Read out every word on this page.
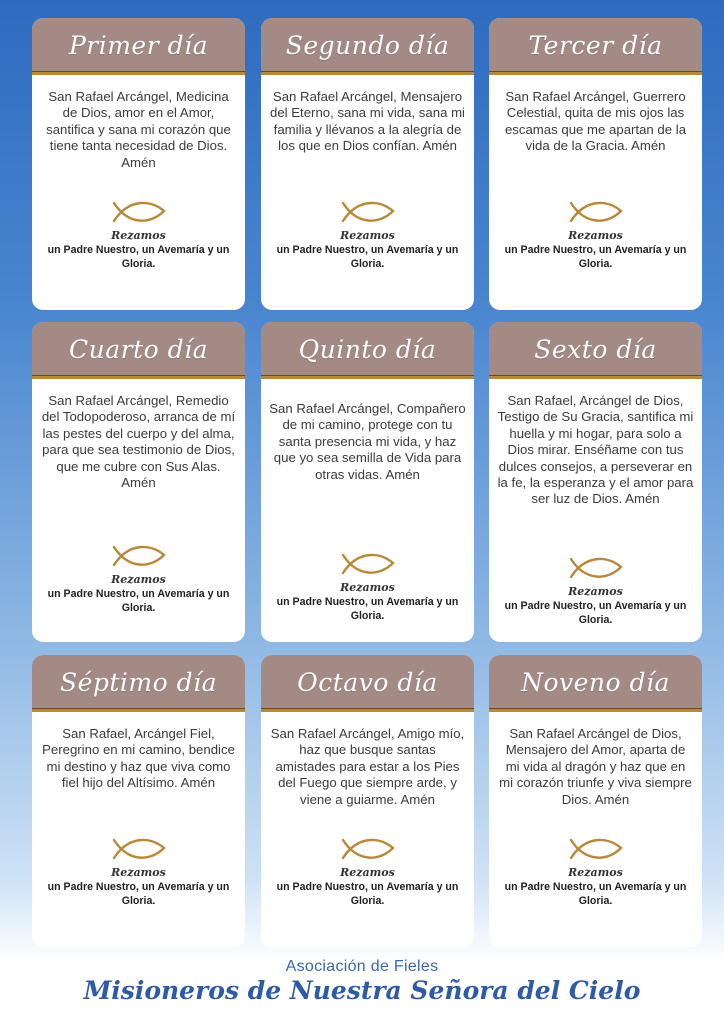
Primer día
San Rafael Arcángel, Medicina de Dios, amor en el Amor, santifica y sana mi corazón que tiene tanta necesidad de Dios. Amén
Rezamos
un Padre Nuestro, un Avemaría y un Gloria.
Segundo día
San Rafael Arcángel, Mensajero del Eterno, sana mi vida, sana mi familia y llévanos a la alegría de los que en Dios confían. Amén
Rezamos
un Padre Nuestro, un Avemaría y un Gloria.
Tercer día
San Rafael Arcángel, Guerrero Celestial, quita de mis ojos las escamas que me apartan de la vida de la Gracia. Amén
Rezamos
un Padre Nuestro, un Avemaría y un Gloria.
Cuarto día
San Rafael Arcángel, Remedio del Todopoderoso, arranca de mí las pestes del cuerpo y del alma, para que sea testimonio de Dios, que me cubre con Sus Alas. Amén
Rezamos
un Padre Nuestro, un Avemaría y un Gloria.
Quinto día
San Rafael Arcángel, Compañero de mi camino, protege con tu santa presencia mi vida, y haz que yo sea semilla de Vida para otras vidas. Amén
Rezamos
un Padre Nuestro, un Avemaría y un Gloria.
Sexto día
San Rafael, Arcángel de Dios, Testigo de Su Gracia, santifica mi huella y mi hogar, para solo a Dios mirar. Enséñame con tus dulces consejos, a perseverar en la fe, la esperanza y el amor para ser luz de Dios. Amén
Rezamos
un Padre Nuestro, un Avemaría y un Gloria.
Séptimo día
San Rafael, Arcángel Fiel, Peregrino en mi camino, bendice mi destino y haz que viva como fiel hijo del Altísimo. Amén
Rezamos
un Padre Nuestro, un Avemaría y un Gloria.
Octavo día
San Rafael Arcángel, Amigo mío, haz que busque santas amistades para estar a los Pies del Fuego que siempre arde, y viene a guiarme. Amén
Rezamos
un Padre Nuestro, un Avemaría y un Gloria.
Noveno día
San Rafael Arcángel de Dios, Mensajero del Amor, aparta de mi vida al dragón y haz que en mi corazón triunfe y viva siempre Dios. Amén
Rezamos
un Padre Nuestro, un Avemaría y un Gloria.
Asociación de Fieles
Misioneros de Nuestra Señora del Cielo
